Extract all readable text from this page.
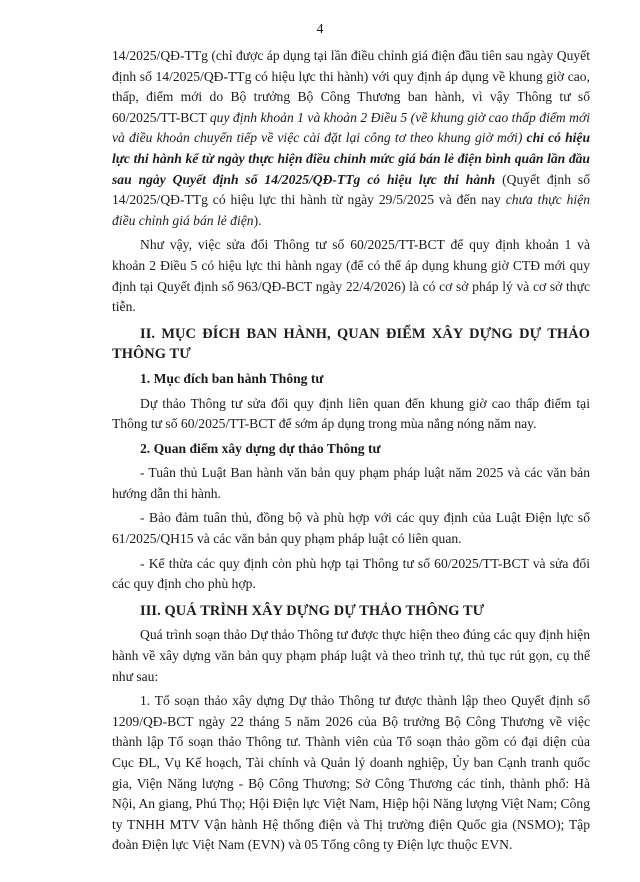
4

14/2025/QĐ-TTg (chỉ được áp dụng tại lần điều chỉnh giá điện đầu tiên sau ngày Quyết định số 14/2025/QĐ-TTg có hiệu lực thi hành) với quy định áp dụng về khung giờ cao, thấp, điểm mới do Bộ trưởng Bộ Công Thương ban hành, vì vậy Thông tư số 60/2025/TT-BCT quy định khoản 1 và khoản 2 Điều 5 (về khung giờ cao thấp điểm mới và điều khoản chuyển tiếp về việc cài đặt lại công tơ theo khung giờ mới) chỉ có hiệu lực thi hành kể từ ngày thực hiện điều chỉnh mức giá bán lẻ điện bình quân lần đầu sau ngày Quyết định số 14/2025/QĐ-TTg có hiệu lực thi hành (Quyết định số 14/2025/QĐ-TTg có hiệu lực thi hành từ ngày 29/5/2025 và đến nay chưa thực hiện điều chỉnh giá bán lẻ điện).

Như vậy, việc sửa đổi Thông tư số 60/2025/TT-BCT để quy định khoản 1 và khoản 2 Điều 5 có hiệu lực thi hành ngay (để có thể áp dụng khung giờ CTĐ mới quy định tại Quyết định số 963/QĐ-BCT ngày 22/4/2026) là có cơ sở pháp lý và cơ sở thực tiễn.

II. MỤC ĐÍCH BAN HÀNH, QUAN ĐIỂM XÂY DỰNG DỰ THẢO THÔNG TƯ
1. Mục đích ban hành Thông tư

Dự thảo Thông tư sửa đổi quy định liên quan đến khung giờ cao thấp điểm tại Thông tư số 60/2025/TT-BCT để sớm áp dụng trong mùa nắng nóng năm nay.

2. Quan điểm xây dựng dự thảo Thông tư

- Tuân thủ Luật Ban hành văn bản quy phạm pháp luật năm 2025 và các văn bản hướng dẫn thi hành.

- Bảo đảm tuân thủ, đồng bộ và phù hợp với các quy định của Luật Điện lực số 61/2025/QH15 và các văn bản quy phạm pháp luật có liên quan.

- Kế thừa các quy định còn phù hợp tại Thông tư số 60/2025/TT-BCT và sửa đổi các quy định cho phù hợp.

III. QUÁ TRÌNH XÂY DỰNG DỰ THẢO THÔNG TƯ

Quá trình soạn thảo Dự thảo Thông tư được thực hiện theo đúng các quy định hiện hành về xây dựng văn bản quy phạm pháp luật và theo trình tự, thủ tục rút gọn, cụ thể như sau:

1. Tổ soạn thảo xây dựng Dự thảo Thông tư được thành lập theo Quyết định số 1209/QĐ-BCT ngày 22 tháng 5 năm 2026 của Bộ trưởng Bộ Công Thương về việc thành lập Tổ soạn thảo Thông tư. Thành viên của Tổ soạn thảo gồm có đại diện của Cục ĐL, Vụ Kế hoạch, Tài chính và Quản lý doanh nghiệp, Ủy ban Cạnh tranh quốc gia, Viện Năng lượng - Bộ Công Thương; Sở Công Thương các tỉnh, thành phố: Hà Nội, An giang, Phú Thọ; Hội Điện lực Việt Nam, Hiệp hội Năng lượng Việt Nam; Công ty TNHH MTV Vận hành Hệ thống điện và Thị trường điện Quốc gia (NSMO); Tập đoàn Điện lực Việt Nam (EVN) và 05 Tổng công ty Điện lực thuộc EVN.
